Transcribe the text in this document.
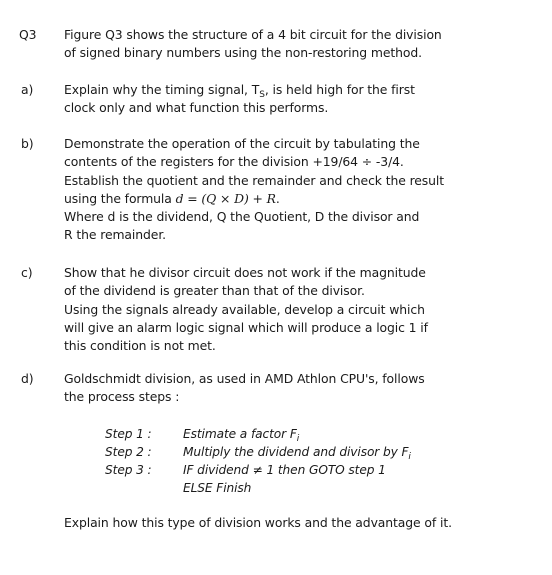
Q3 Figure Q3 shows the structure of a 4 bit circuit for the division
of signed binary numbers using the non-restoring method.
a) Explain why the timing signal, $T_S$, is held high for the first
clock only and what function this performs.
b) Demonstrate the operation of the circuit by tabulating the
contents of the registers for the division +19/64 ÷ -3/4.
Establish the quotient and the remainder and check the result
using the formula d = (Q × D) + R.
Where d is the dividend, Q the Quotient, D the divisor and
R the remainder.
c)	Show that he divisor circuit does not work if the magnitude
of the dividend is greater than that of the divisor.
Using the signals already available, develop a circuit which
will give an alarm logic signal which will produce a logic 1 if
this condition is not met.
d) Goldschmidt division, as used in AMD Athlon CPU's, follows
the process steps :
Step 1 :	Estimate a factor $F_i$
Step 2 :	Multiply the dividend and divisor by $F_i$
Step 3 :	IF dividend ≠ 1 then GOTO step 1
ELSE Finish
Explain how this type of division works and the advantage of it.
